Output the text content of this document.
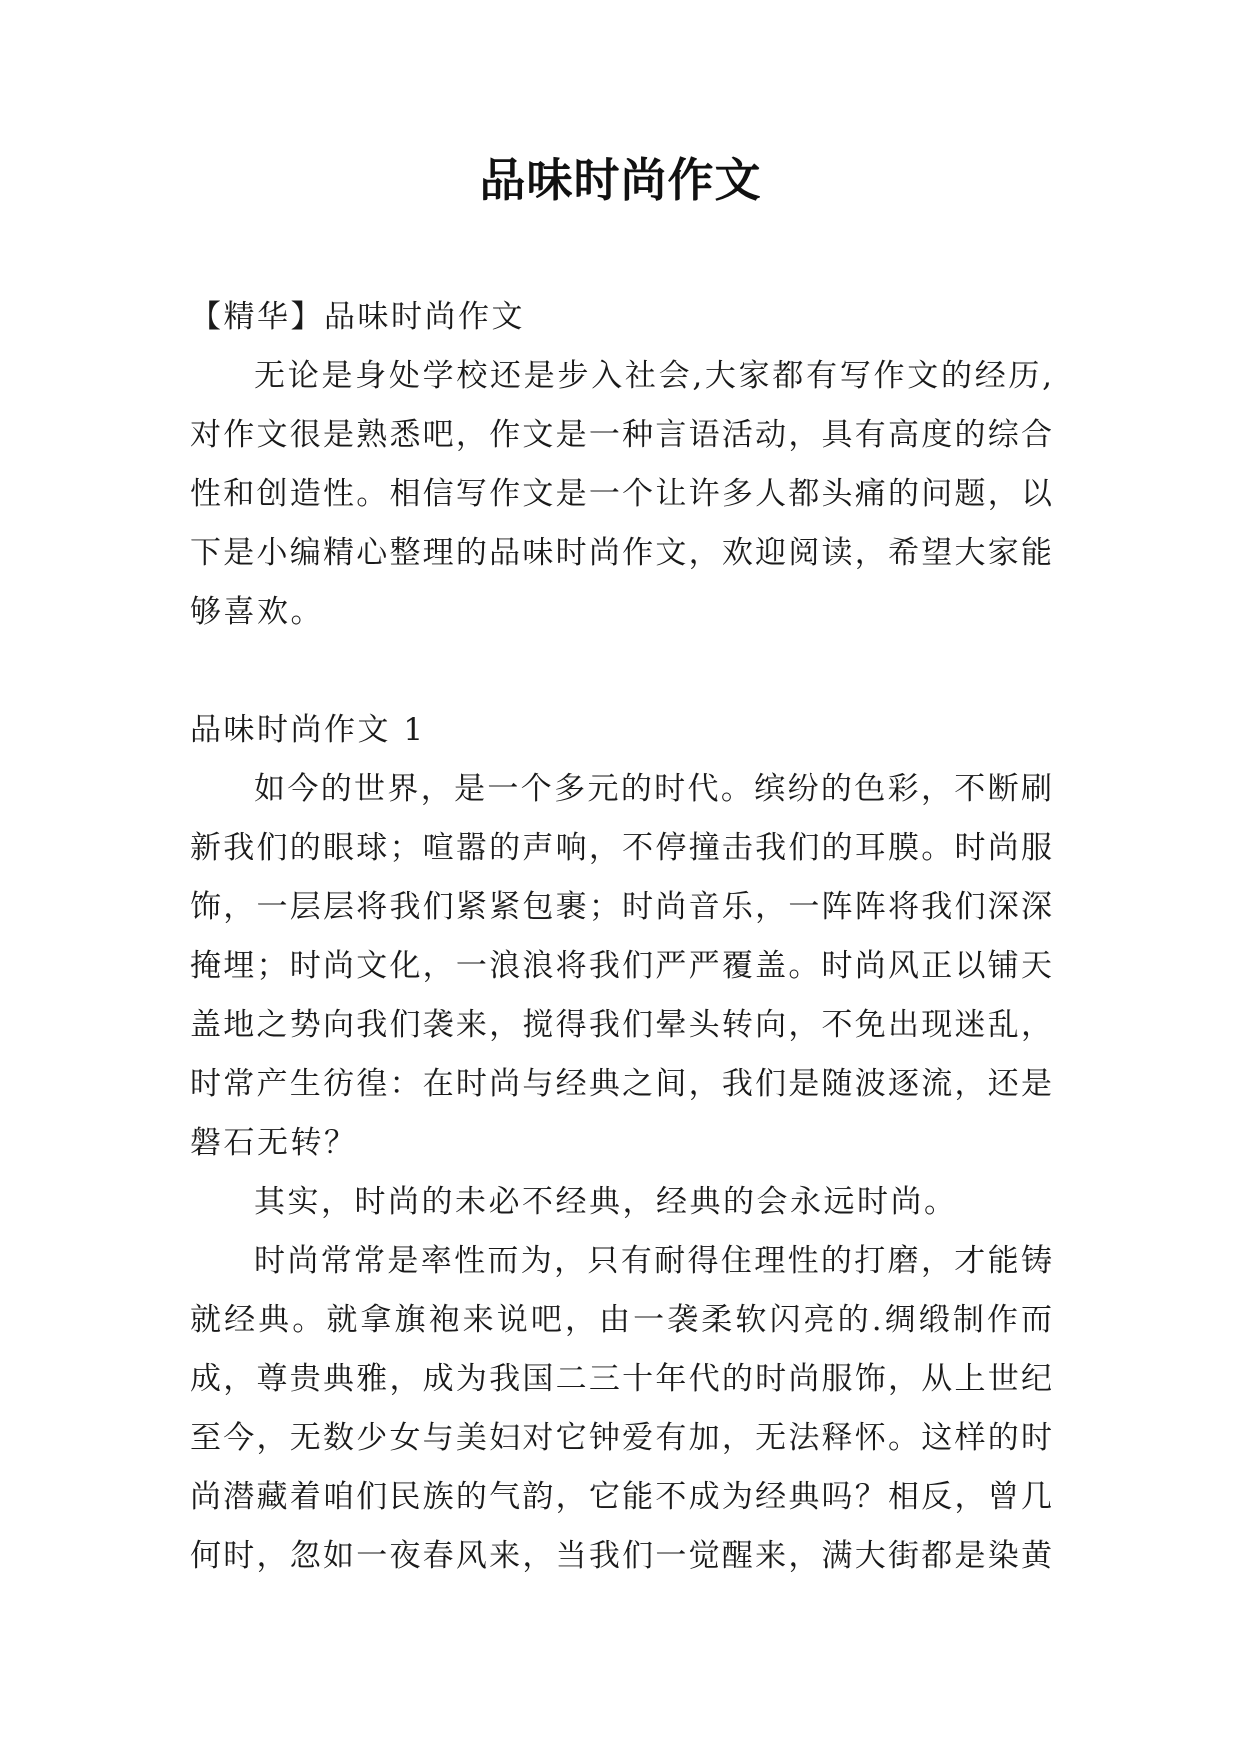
品味时尚作文

【精华】品味时尚作文

无论是身处学校还是步入社会,大家都有写作文的经历,

对作文很是熟悉吧，作文是一种言语活动，具有高度的综合

性和创造性。相信写作文是一个让许多人都头痛的问题，以

下是小编精心整理的品味时尚作文，欢迎阅读，希望大家能

够喜欢。

品味时尚作文 1

如今的世界，是一个多元的时代。缤纷的色彩，不断刷

新我们的眼球；喧嚣的声响，不停撞击我们的耳膜。时尚服

饰，一层层将我们紧紧包裹；时尚音乐，一阵阵将我们深深

掩埋；时尚文化，一浪浪将我们严严覆盖。时尚风正以铺天

盖地之势向我们袭来，搅得我们晕头转向，不免出现迷乱，

时常产生彷徨：在时尚与经典之间，我们是随波逐流，还是

磐石无转？

其实，时尚的未必不经典，经典的会永远时尚。

时尚常常是率性而为，只有耐得住理性的打磨，才能铸

就经典。就拿旗袍来说吧，由一袭柔软闪亮的.绸缎制作而

成，尊贵典雅，成为我国二三十年代的时尚服饰，从上世纪

至今，无数少女与美妇对它钟爱有加，无法释怀。这样的时

尚潜藏着咱们民族的气韵，它能不成为经典吗？相反，曾几

何时，忽如一夜春风来，当我们一觉醒来，满大街都是染黄
